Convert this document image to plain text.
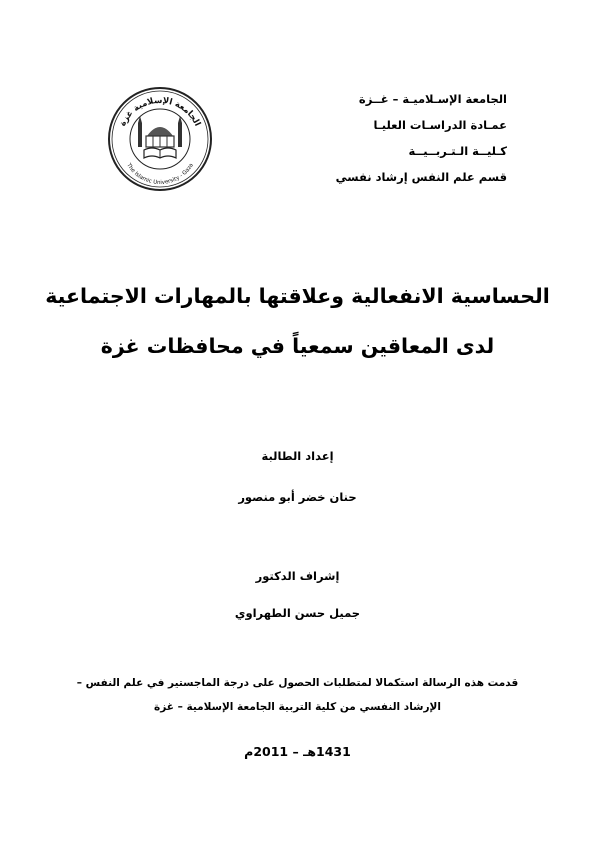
الجامعة الإسـلاميـة – غــزة
عمـادة الدراسـات العليـا
كـليــة الـتـربــيــة
قسم علم النفس إرشاد نفسي
الجامعة الإسلامية غزة
The Islamic University - Gaza
الحساسية الانفعالية وعلاقتها بالمهارات الاجتماعية
لدى المعاقين سمعياً في محافظات غزة
إعداد الطالبة
حنان خضر أبو منصور
إشراف الدكتور
جميل حسن الطهراوي
قدمت هذه الرسالة استكمالا لمتطلبات الحصول على درجة الماجستير في علم النفس –
الإرشاد النفسي من كلية التربية الجامعة الإسلامية – غزة
1431هـ – 2011م
